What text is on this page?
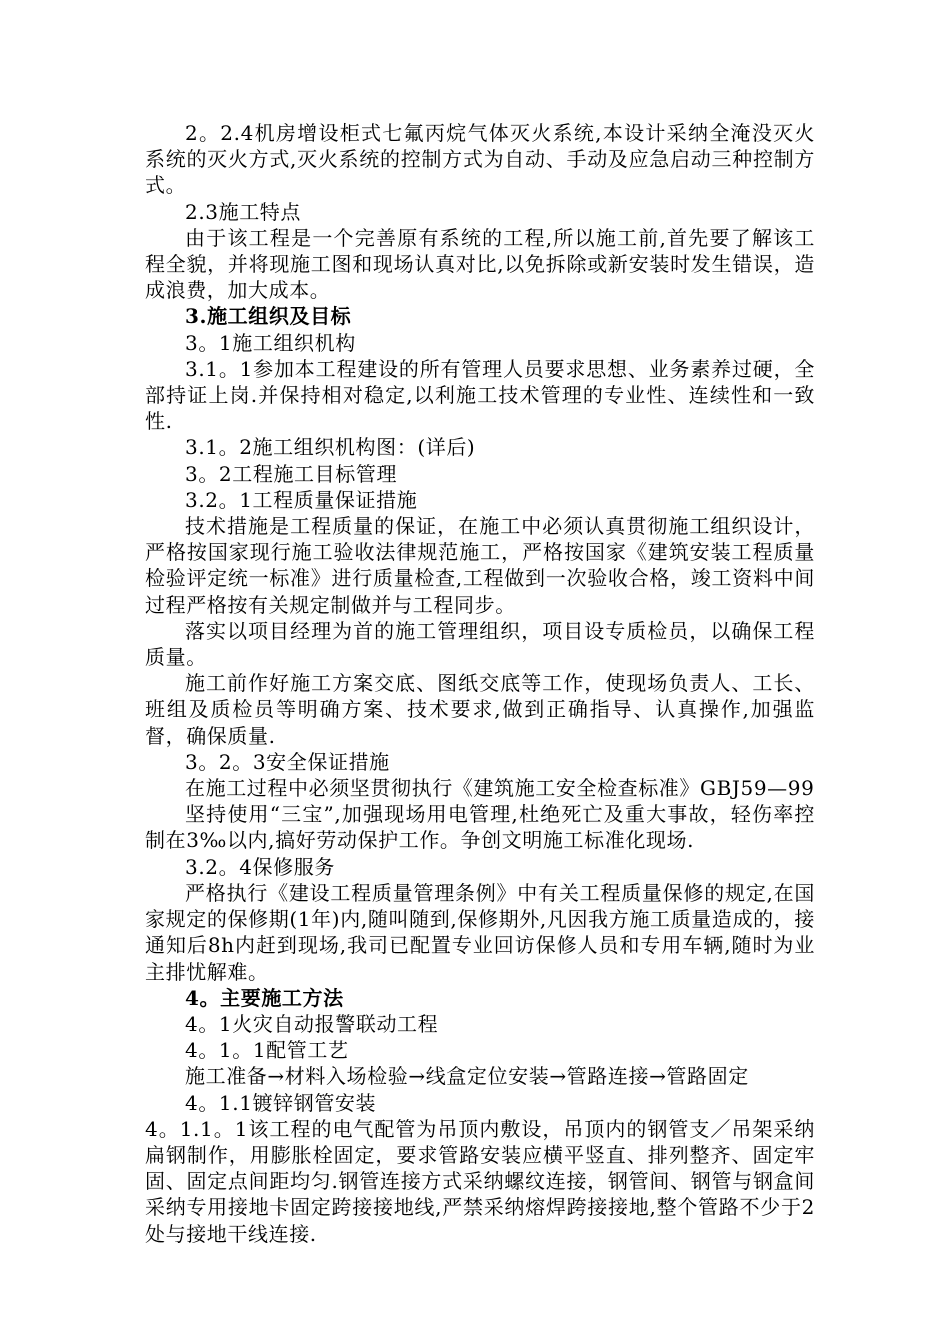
2。2.4机房增设柜式七氟丙烷气体灭火系统,本设计采纳全淹没灭火系统的灭火方式,灭火系统的控制方式为自动、手动及应急启动三种控制方式。

2.3施工特点

由于该工程是一个完善原有系统的工程,所以施工前,首先要了解该工程全貌，并将现施工图和现场认真对比,以免拆除或新安装时发生错误，造成浪费，加大成本。

3.施工组织及目标

3。1施工组织机构

3.1。1参加本工程建设的所有管理人员要求思想、业务素养过硬，全部持证上岗.并保持相对稳定,以利施工技术管理的专业性、连续性和一致性.

3.1。2施工组织机构图：(详后)

3。2工程施工目标管理

3.2。1工程质量保证措施

技术措施是工程质量的保证，在施工中必须认真贯彻施工组织设计，严格按国家现行施工验收法律规范施工，严格按国家《建筑安装工程质量检验评定统一标准》进行质量检查,工程做到一次验收合格，竣工资料中间过程严格按有关规定制做并与工程同步。

落实以项目经理为首的施工管理组织，项目设专质检员，以确保工程质量。

施工前作好施工方案交底、图纸交底等工作，使现场负责人、工长、班组及质检员等明确方案、技术要求,做到正确指导、认真操作,加强监督，确保质量.

3。2。3安全保证措施

在施工过程中必须坚贯彻执行《建筑施工安全检查标准》GBJ59—99

坚持使用“三宝”,加强现场用电管理,杜绝死亡及重大事故，轻伤率控制在3‰以内,搞好劳动保护工作。争创文明施工标准化现场.

3.2。4保修服务

严格执行《建设工程质量管理条例》中有关工程质量保修的规定,在国家规定的保修期(1年)内,随叫随到,保修期外,凡因我方施工质量造成的，接通知后8h内赶到现场,我司已配置专业回访保修人员和专用车辆,随时为业主排忧解难。

4。主要施工方法

4。1火灾自动报警联动工程

4。1。1配管工艺

施工准备→材料入场检验→线盒定位安装→管路连接→管路固定

4。1.1镀锌钢管安装

4。1.1。1该工程的电气配管为吊顶内敷设，吊顶内的钢管支／吊架采纳扁钢制作，用膨胀栓固定，要求管路安装应横平竖直、排列整齐、固定牢固、固定点间距均匀.钢管连接方式采纳螺纹连接，钢管间、钢管与钢盒间采纳专用接地卡固定跨接接地线,严禁采纳熔焊跨接接地,整个管路不少于2处与接地干线连接.
